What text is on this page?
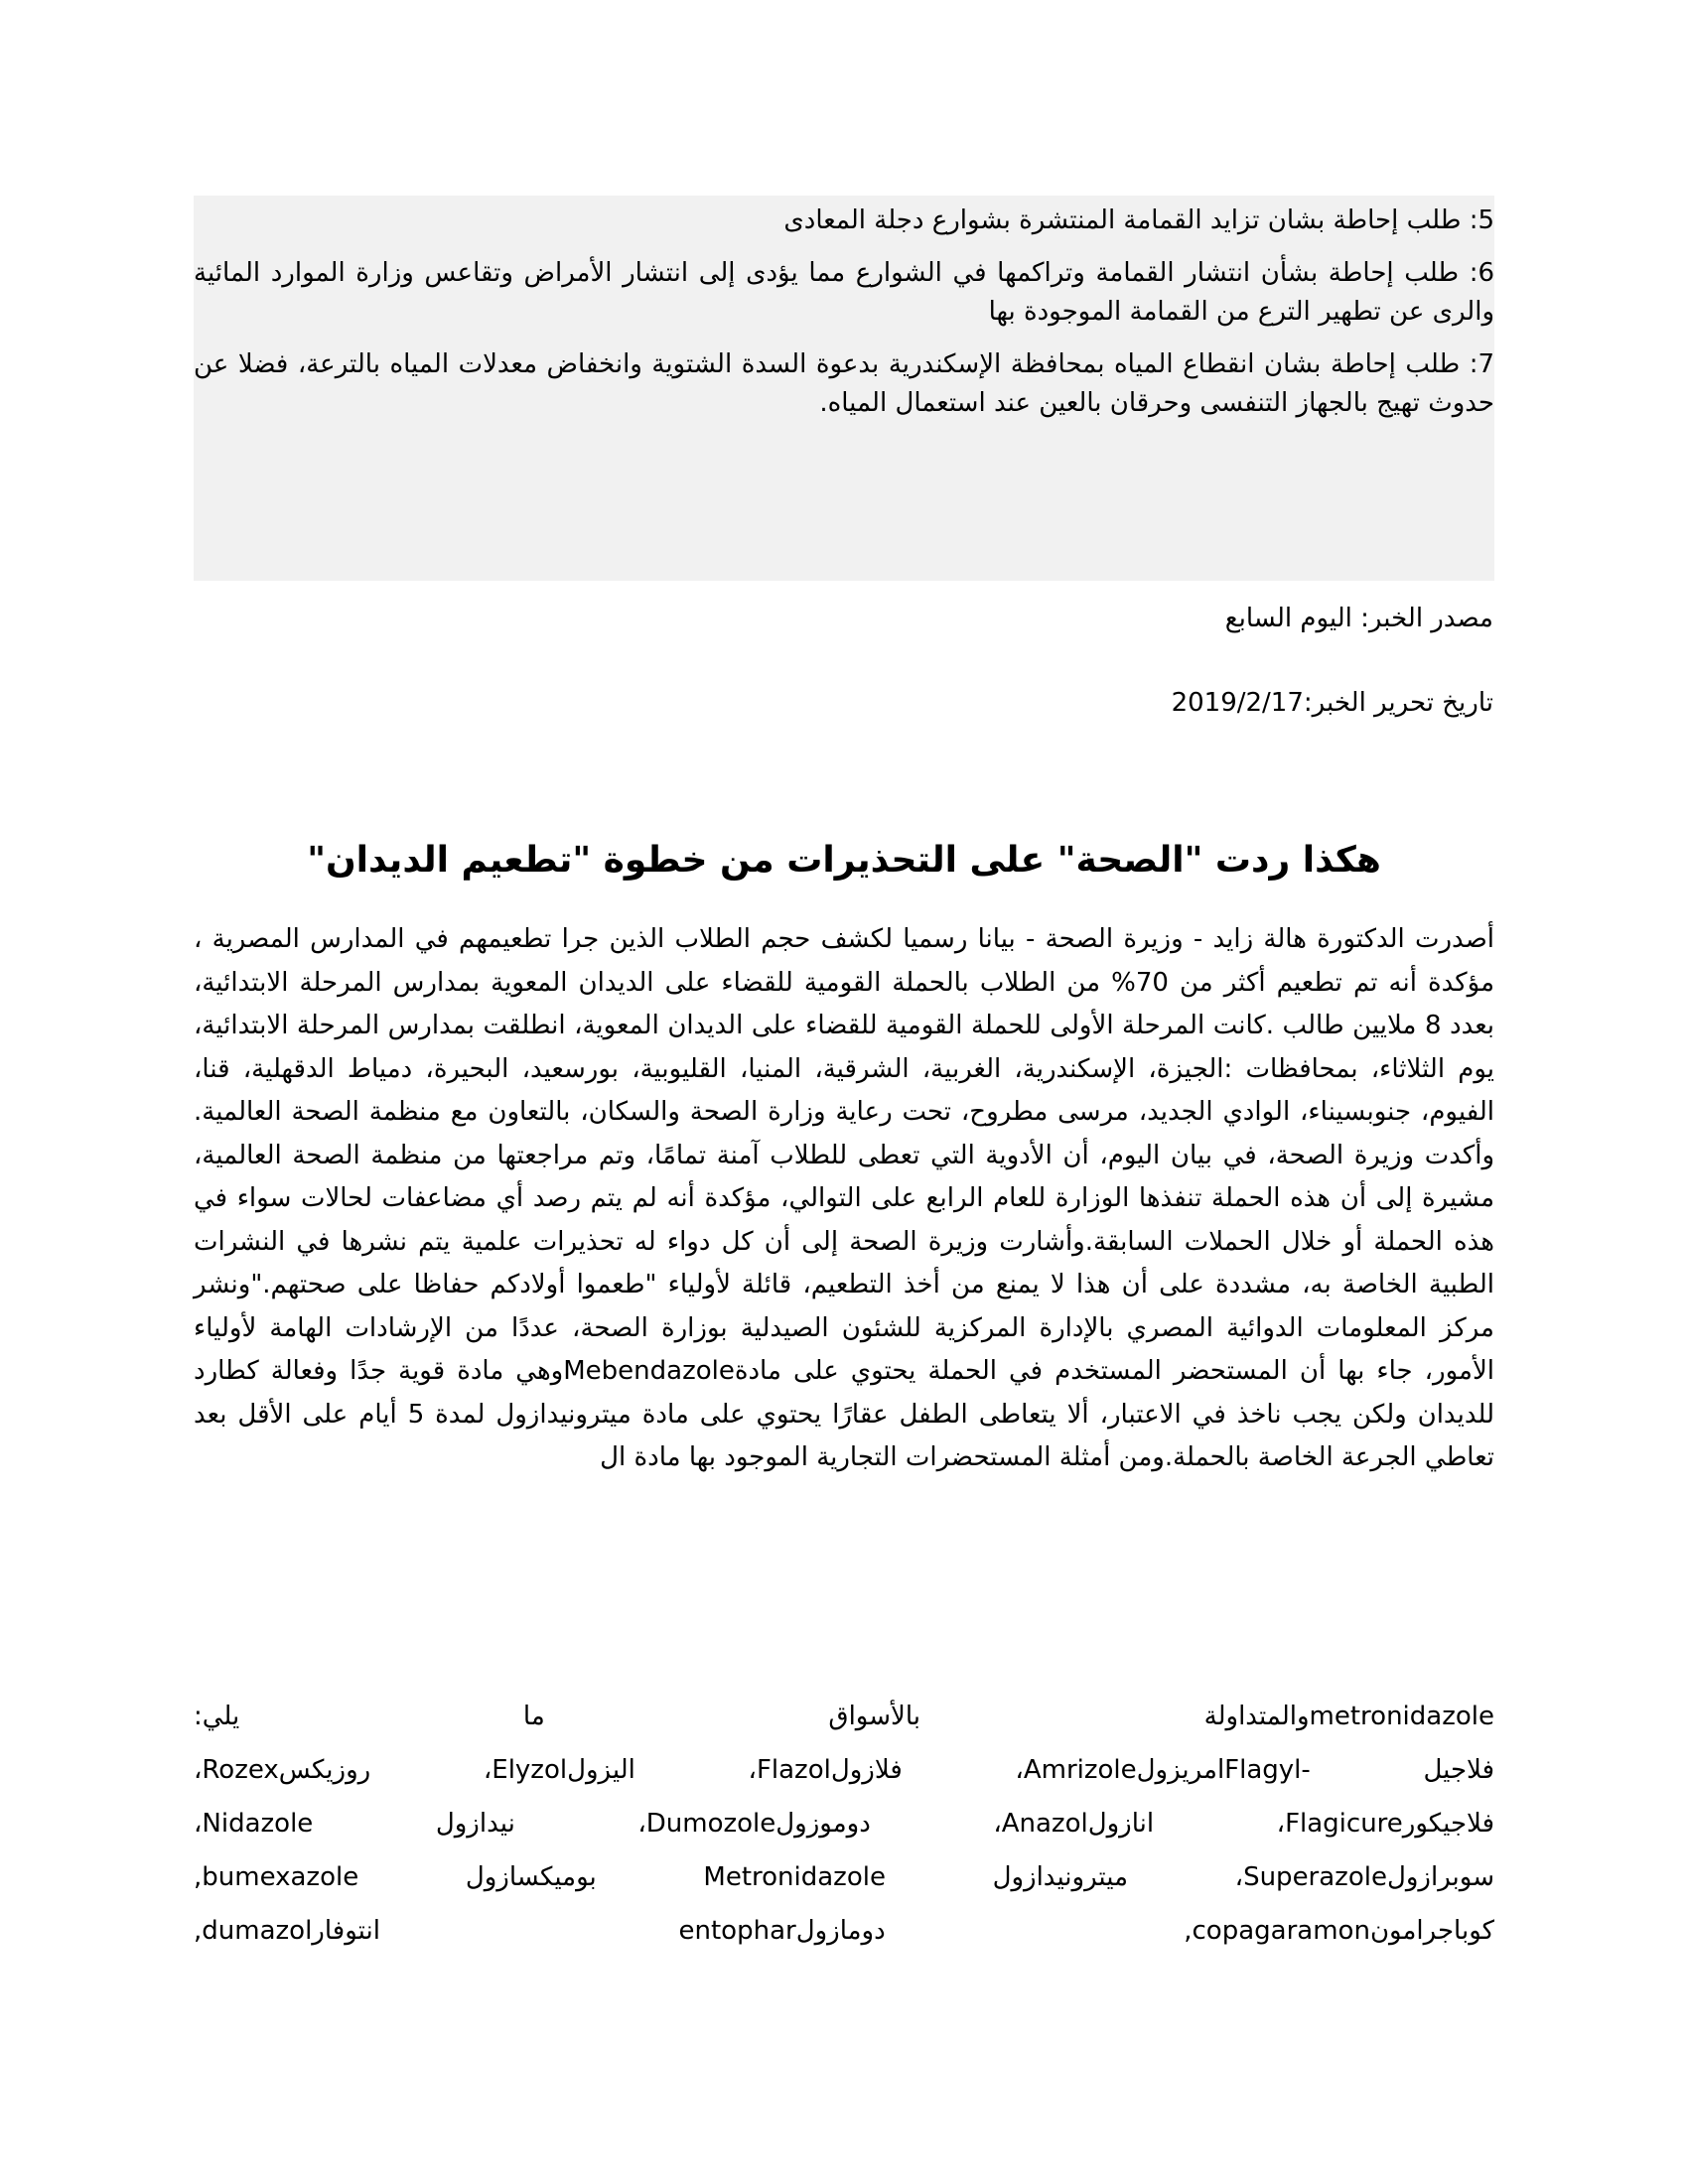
5: طلب إحاطة بشان تزايد القمامة المنتشرة بشوارع دجلة المعادى
6: طلب إحاطة بشأن انتشار القمامة وتراكمها في الشوارع مما يؤدى إلى انتشار الأمراض وتقاعس وزارة الموارد المائية والرى عن تطهير الترع من القمامة الموجودة بها
7: طلب إحاطة بشان انقطاع المياه بمحافظة الإسكندرية بدعوة السدة الشتوية وانخفاض معدلات المياه بالترعة، فضلا عن حدوث تهيج بالجهاز التنفسى وحرقان بالعين عند استعمال المياه.
مصدر الخبر: اليوم السابع
تاريخ تحرير الخبر:2019/2/17
هكذا ردت "الصحة" على التحذيرات من خطوة "تطعيم الديدان"
أصدرت الدكتورة هالة زايد - وزيرة الصحة - بيانا رسميا لكشف حجم الطلاب الذين جرا تطعيمهم في المدارس المصرية ، مؤكدة أنه تم تطعيم أكثر من 70% من الطلاب بالحملة القومية للقضاء على الديدان المعوية بمدارس المرحلة الابتدائية، بعدد 8 ملايين طالب .كانت المرحلة الأولى للحملة القومية للقضاء على الديدان المعوية، انطلقت بمدارس المرحلة الابتدائية، يوم الثلاثاء، بمحافظات :الجيزة، الإسكندرية، الغربية، الشرقية، المنيا، القليوبية، بورسعيد، البحيرة، دمياط الدقهلية، قنا، الفيوم، جنوبسيناء، الوادي الجديد، مرسى مطروح، تحت رعاية وزارة الصحة والسكان، بالتعاون مع منظمة الصحة العالمية. وأكدت وزيرة الصحة، في بيان اليوم، أن الأدوية التي تعطى للطلاب آمنة تمامًا، وتم مراجعتها من منظمة الصحة العالمية، مشيرة إلى أن هذه الحملة تنفذها الوزارة للعام الرابع على التوالي، مؤكدة أنه لم يتم رصد أي مضاعفات لحالات سواء في هذه الحملة أو خلال الحملات السابقة.وأشارت وزيرة الصحة إلى أن كل دواء له تحذيرات علمية يتم نشرها في النشرات الطبية الخاصة به، مشددة على أن هذا لا يمنع من أخذ التطعيم، قائلة لأولياء "طعموا أولادكم حفاظا على صحتهم."ونشر مركز المعلومات الدوائية المصري بالإدارة المركزية للشئون الصيدلية بوزارة الصحة، عددًا من الإرشادات الهامة لأولياء الأمور، جاء بها أن المستحضر المستخدم في الحملة يحتوي على مادةMebendazoleوهي مادة قوية جدًا وفعالة كطارد للديدان ولكن يجب ناخذ في الاعتبار، ألا يتعاطى الطفل عقارًا يحتوي على مادة ميترونيدازول لمدة 5 أيام على الأقل بعد تعاطي الجرعة الخاصة بالحملة.ومن أمثلة المستحضرات التجارية الموجود بها مادة ال
metronidazoleوالمتداولة بالأسواق ما يلي:
فلاجيل -FlagylامريزولAmrizole، فلازولFlazol، اليزولElyzol، روزيكسRozex،
فلاجيكورFlagicure، انازولAnazol، دوموزولDumozole، نيدازول Nidazole،
سوبرازولSuperazole، ميترونيدازول Metronidazole بوميكسازول bumexazole,
كوباجرامونcopagaramon, دومازولentophar انتوفارdumazol,
